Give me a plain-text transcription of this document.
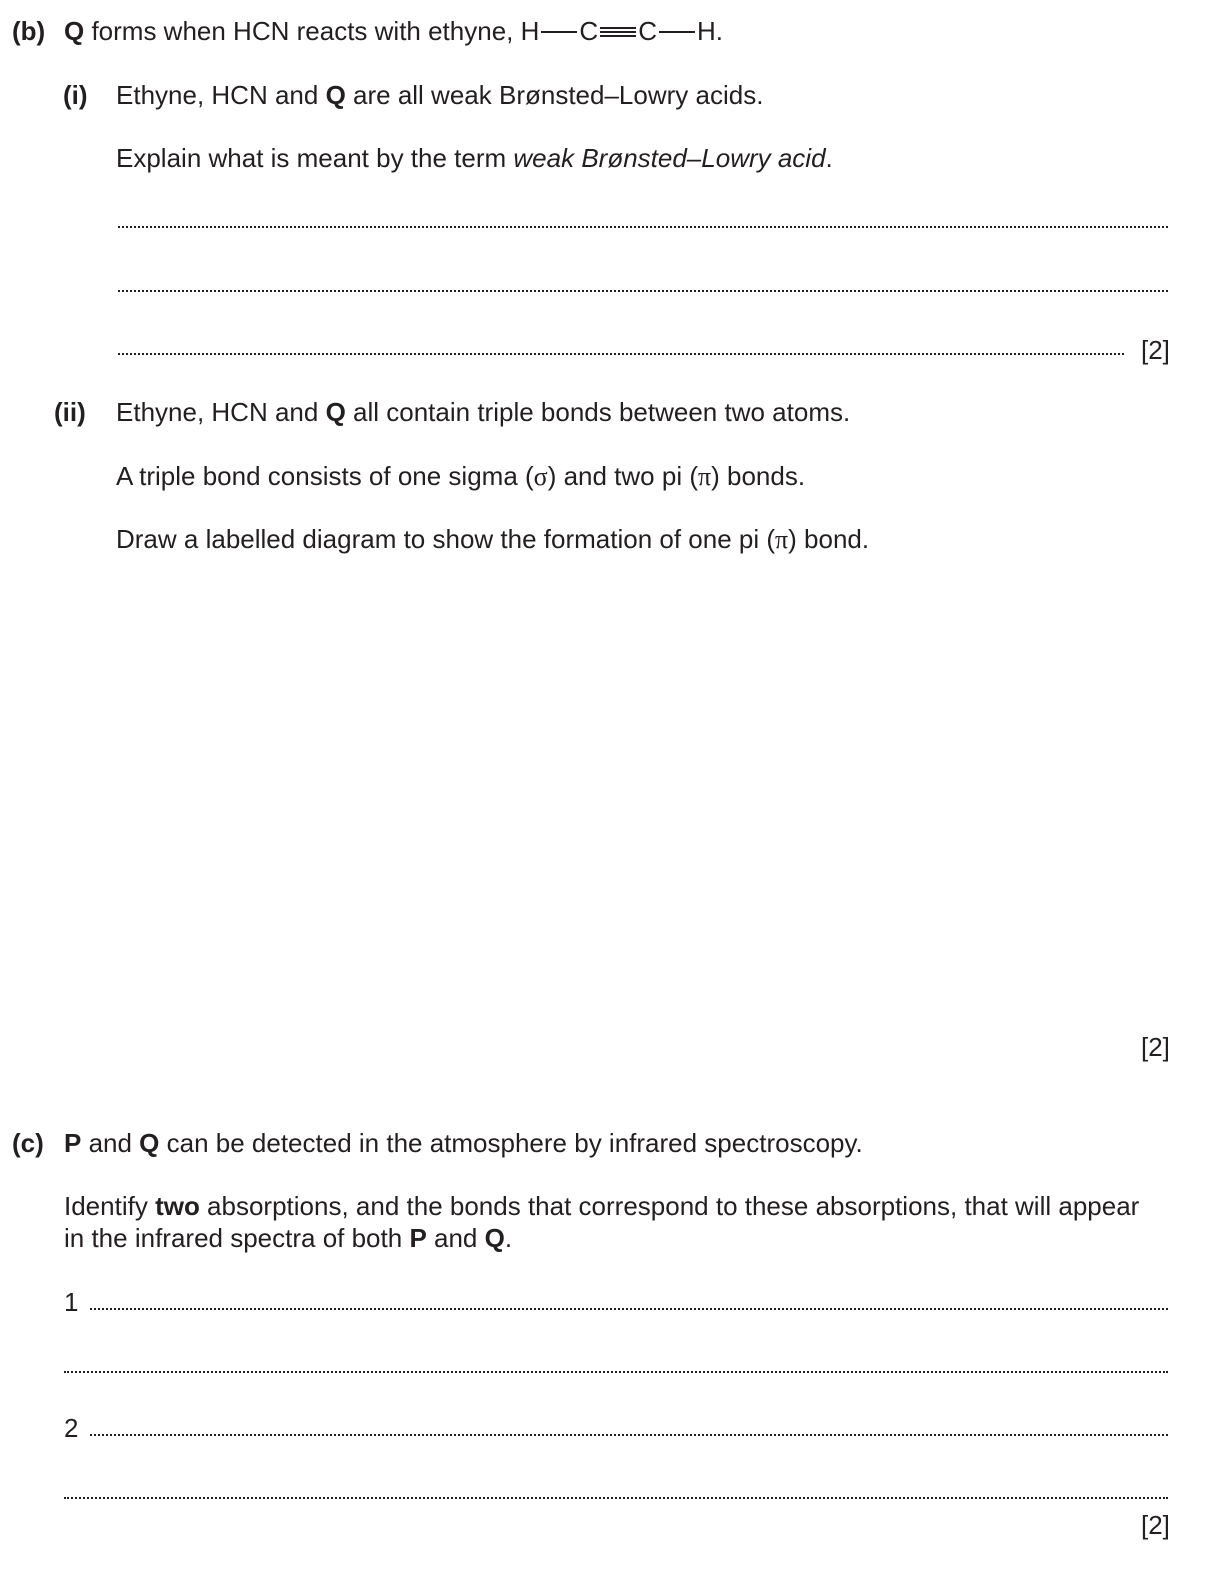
(b) Q forms when HCN reacts with ethyne, H C C H.
(i) Ethyne, HCN and Q are all weak Brønsted–Lowry acids.
Explain what is meant by the term weak Brønsted–Lowry acid.
[2]
(ii) Ethyne, HCN and Q all contain triple bonds between two atoms.
A triple bond consists of one sigma (σ) and two pi (π) bonds.
Draw a labelled diagram to show the formation of one pi (π) bond.
[2]
(c) P and Q can be detected in the atmosphere by infrared spectroscopy.
Identify two absorptions, and the bonds that correspond to these absorptions, that will appear
in the infrared spectra of both P and Q.
1
2
[2]
